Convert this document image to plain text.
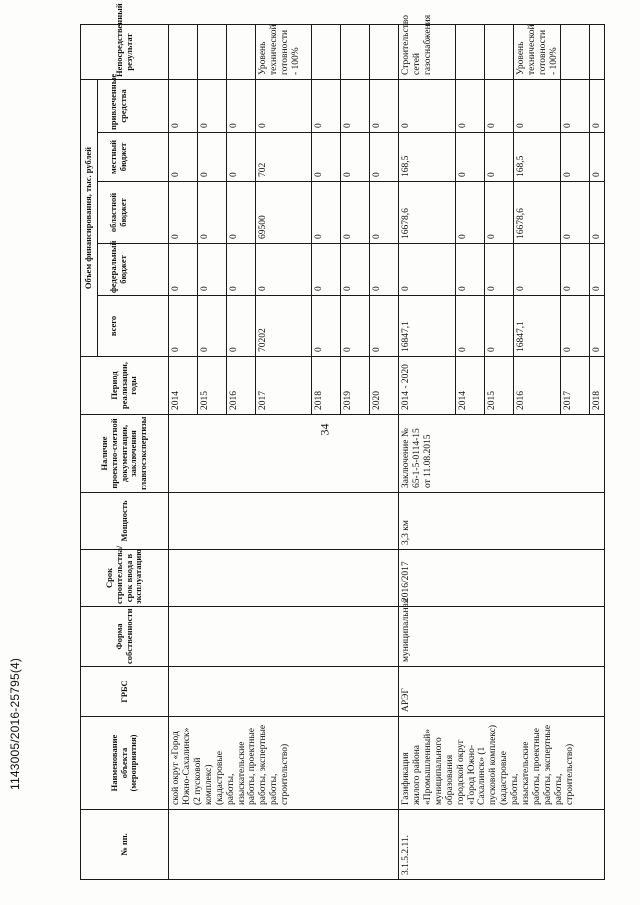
34
1143005/2016-25795(4)
№ пп.	Наименование объекта (мероприятия)	ГРБС	Форма собственности	Срок строительства/срок ввода в эксплуатацию	Мощность	Наличие проектно-сметной документации, заключения главгосэкспертизы	Период реализации, годы	Объем финансирования, тыс. рублей
всего	федеральный бюджет	областной бюджет	местный бюджет	привлеченные средства	Непосредственный результат
	ской округ «Город Южно-Сахалинск» (2 пусковой комплекс) (кадастровые работы, изыскательские работы, проектные работы, экспертные работы, строительство)						2014	0	0	0	0	0	
							2015	0	0	0	0	0	
							2016	0	0	0	0	0	
							2017	70202	0	69500	702	0	Уровень технической готовности - 100%
							2018	0	0	0	0	0	
							2019	0	0	0	0	0	
							2020	0	0	0	0	0	
3.1.5.2.11.	Газификация жилого района «Промышленный» муниципального образования городской округ «Город Южно-Сахалинск» (1 пусковой комплекс) (кадастровые работы, изыскательские работы, проектные работы, экспертные работы, строительство)	АРЭГ	муниципальная	2016/2017	3,3 км	Заключение № 65-1-5-0114-15 от 11.08.2015	2014 - 2020	16847,1	0	16678,6	168,5	0	Строительство сетей газоснабжения
							2014	0	0	0	0	0	
							2015	0	0	0	0	0	
							2016	16847,1	0	16678,6	168,5	0	Уровень технической готовности - 100%
							2017	0	0	0	0	0	
							2018	0	0	0	0	0	
